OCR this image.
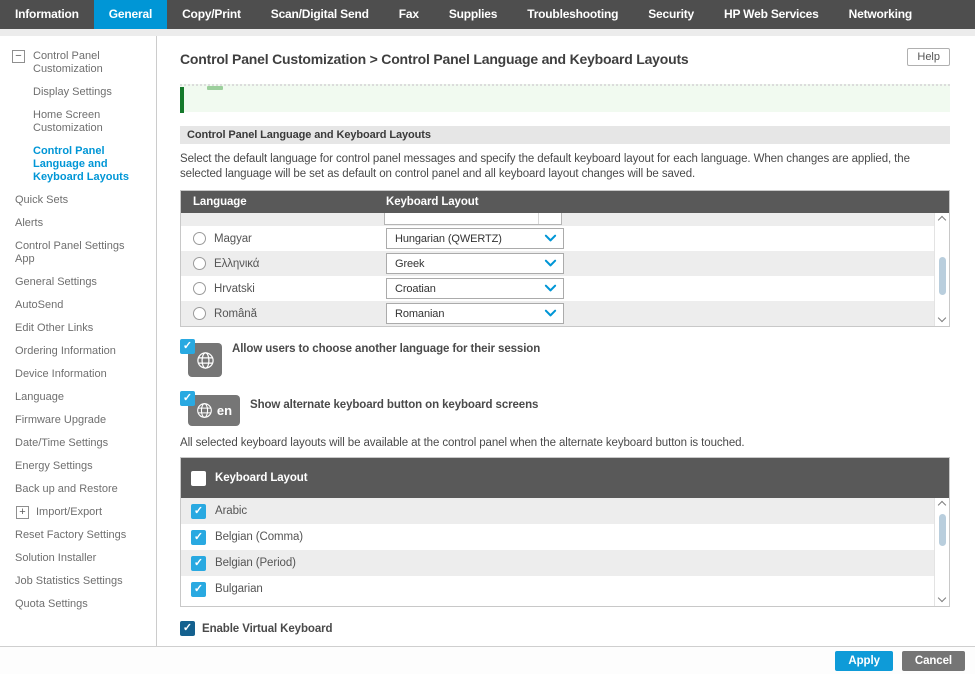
Information	General	Copy/Print	Scan/Digital Send	Fax	Supplies	Troubleshooting	Security	HP Web Services	Networking
− Control Panel Customization
Display Settings
Home Screen Customization
Control Panel Language and Keyboard Layouts
Quick Sets
Alerts
Control Panel Settings App
General Settings
AutoSend
Edit Other Links
Ordering Information
Device Information
Language
Firmware Upgrade
Date/Time Settings
Energy Settings
Back up and Restore
+ Import/Export
Reset Factory Settings
Solution Installer
Job Statistics Settings
Quota Settings
Control Panel Customization > Control Panel Language and Keyboard Layouts	Help
Control Panel Language and Keyboard Layouts

Select the default language for control panel messages and specify the default keyboard layout for each language. When changes are applied, the selected language will be set as default on control panel and all keyboard layout changes will be saved.

Language	Keyboard Layout
Magyar	Hungarian (QWERTZ)
Ελληνικά	Greek
Hrvatski	Croatian
Română	Romanian
✓	Allow users to choose another language for their session
✓
en Show alternate keyboard button on keyboard screens

All selected keyboard layouts will be available at the control panel when the alternate keyboard button is touched.

Keyboard Layout
✓ Arabic
✓ Belgian (Comma)
✓ Belgian (Period)
✓ Bulgarian
✓ Enable Virtual Keyboard
Apply	Cancel
